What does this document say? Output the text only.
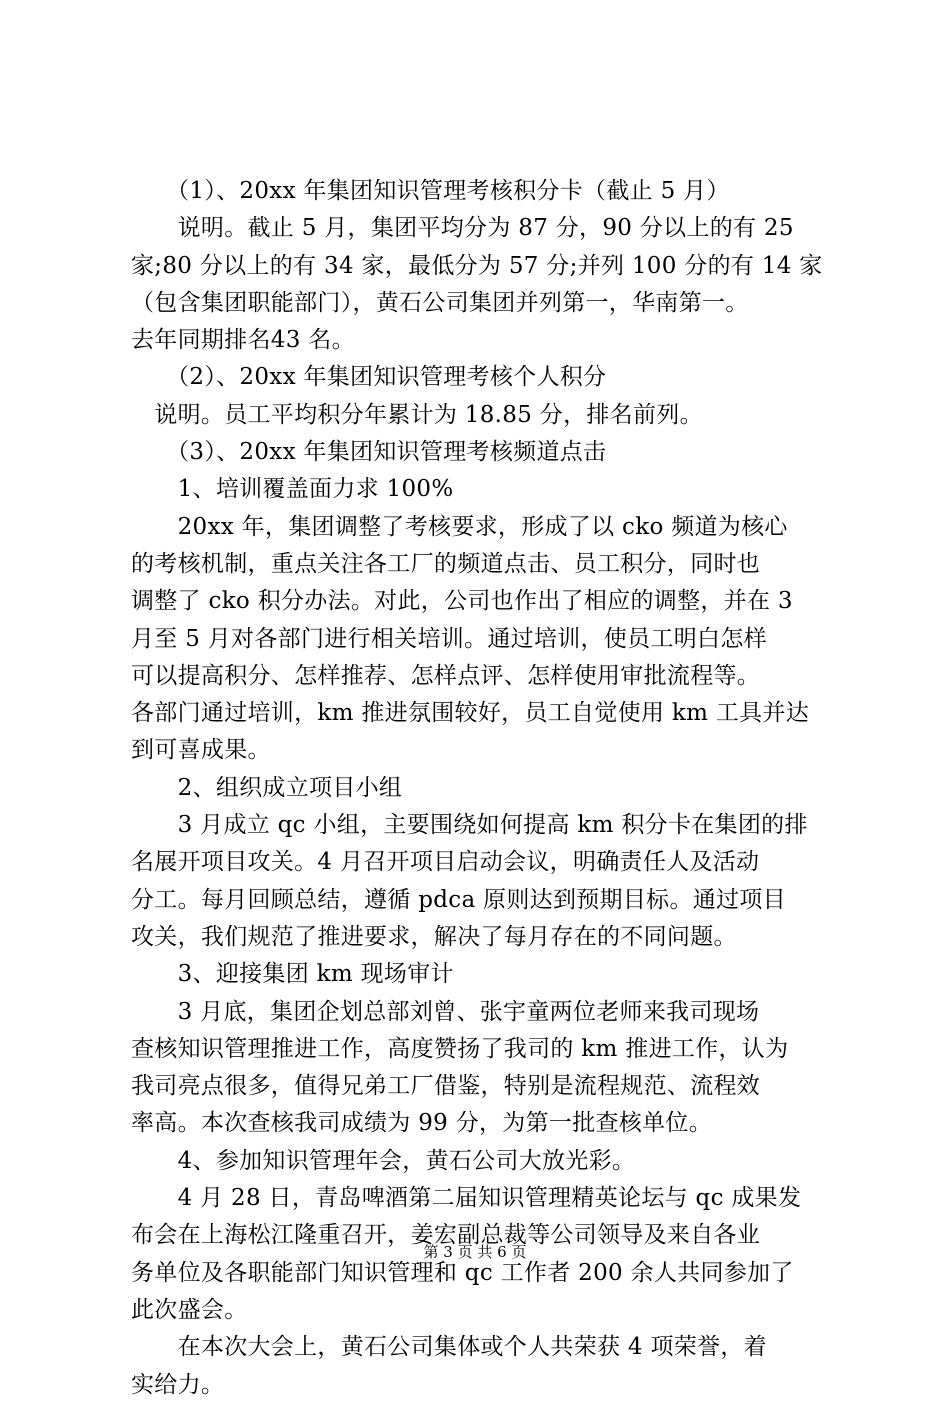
　　（1）、20xx 年集团知识管理考核积分卡（截止 5 月）
　　说明。截止 5 月，集团平均分为 87 分，90 分以上的有 25
家;80 分以上的有 34 家，最低分为 57 分;并列 100 分的有 14 家
（包含集团职能部门），黄石公司集团并列第一，华南第一。
去年同期排名43 名。
　　（2）、20xx 年集团知识管理考核个人积分
　说明。员工平均积分年累计为 18.85 分，排名前列。
　　（3）、20xx 年集团知识管理考核频道点击
　　1、培训覆盖面力求 100%
　　20xx 年，集团调整了考核要求，形成了以 cko 频道为核心
的考核机制，重点关注各工厂的频道点击、员工积分，同时也
调整了 cko 积分办法。对此，公司也作出了相应的调整，并在 3
月至 5 月对各部门进行相关培训。通过培训，使员工明白怎样
可以提高积分、怎样推荐、怎样点评、怎样使用审批流程等。
各部门通过培训，km 推进氛围较好，员工自觉使用 km 工具并达
到可喜成果。
　　2、组织成立项目小组
　　3 月成立 qc 小组，主要围绕如何提高 km 积分卡在集团的排
名展开项目攻关。4 月召开项目启动会议，明确责任人及活动
分工。每月回顾总结，遵循 pdca 原则达到预期目标。通过项目
攻关，我们规范了推进要求，解决了每月存在的不同问题。
　　3、迎接集团 km 现场审计
　　3 月底，集团企划总部刘曾、张宇童两位老师来我司现场
查核知识管理推进工作，高度赞扬了我司的 km 推进工作，认为
我司亮点很多，值得兄弟工厂借鉴，特别是流程规范、流程效
率高。本次查核我司成绩为 99 分，为第一批查核单位。
　　4、参加知识管理年会，黄石公司大放光彩。
　　4 月 28 日，青岛啤酒第二届知识管理精英论坛与 qc 成果发
布会在上海松江隆重召开，姜宏副总裁等公司领导及来自各业
务单位及各职能部门知识管理和 qc 工作者 200 余人共同参加了
此次盛会。
　　在本次大会上，黄石公司集体或个人共荣获 4 项荣誉，着
实给力。
第 3 页 共 6 页
